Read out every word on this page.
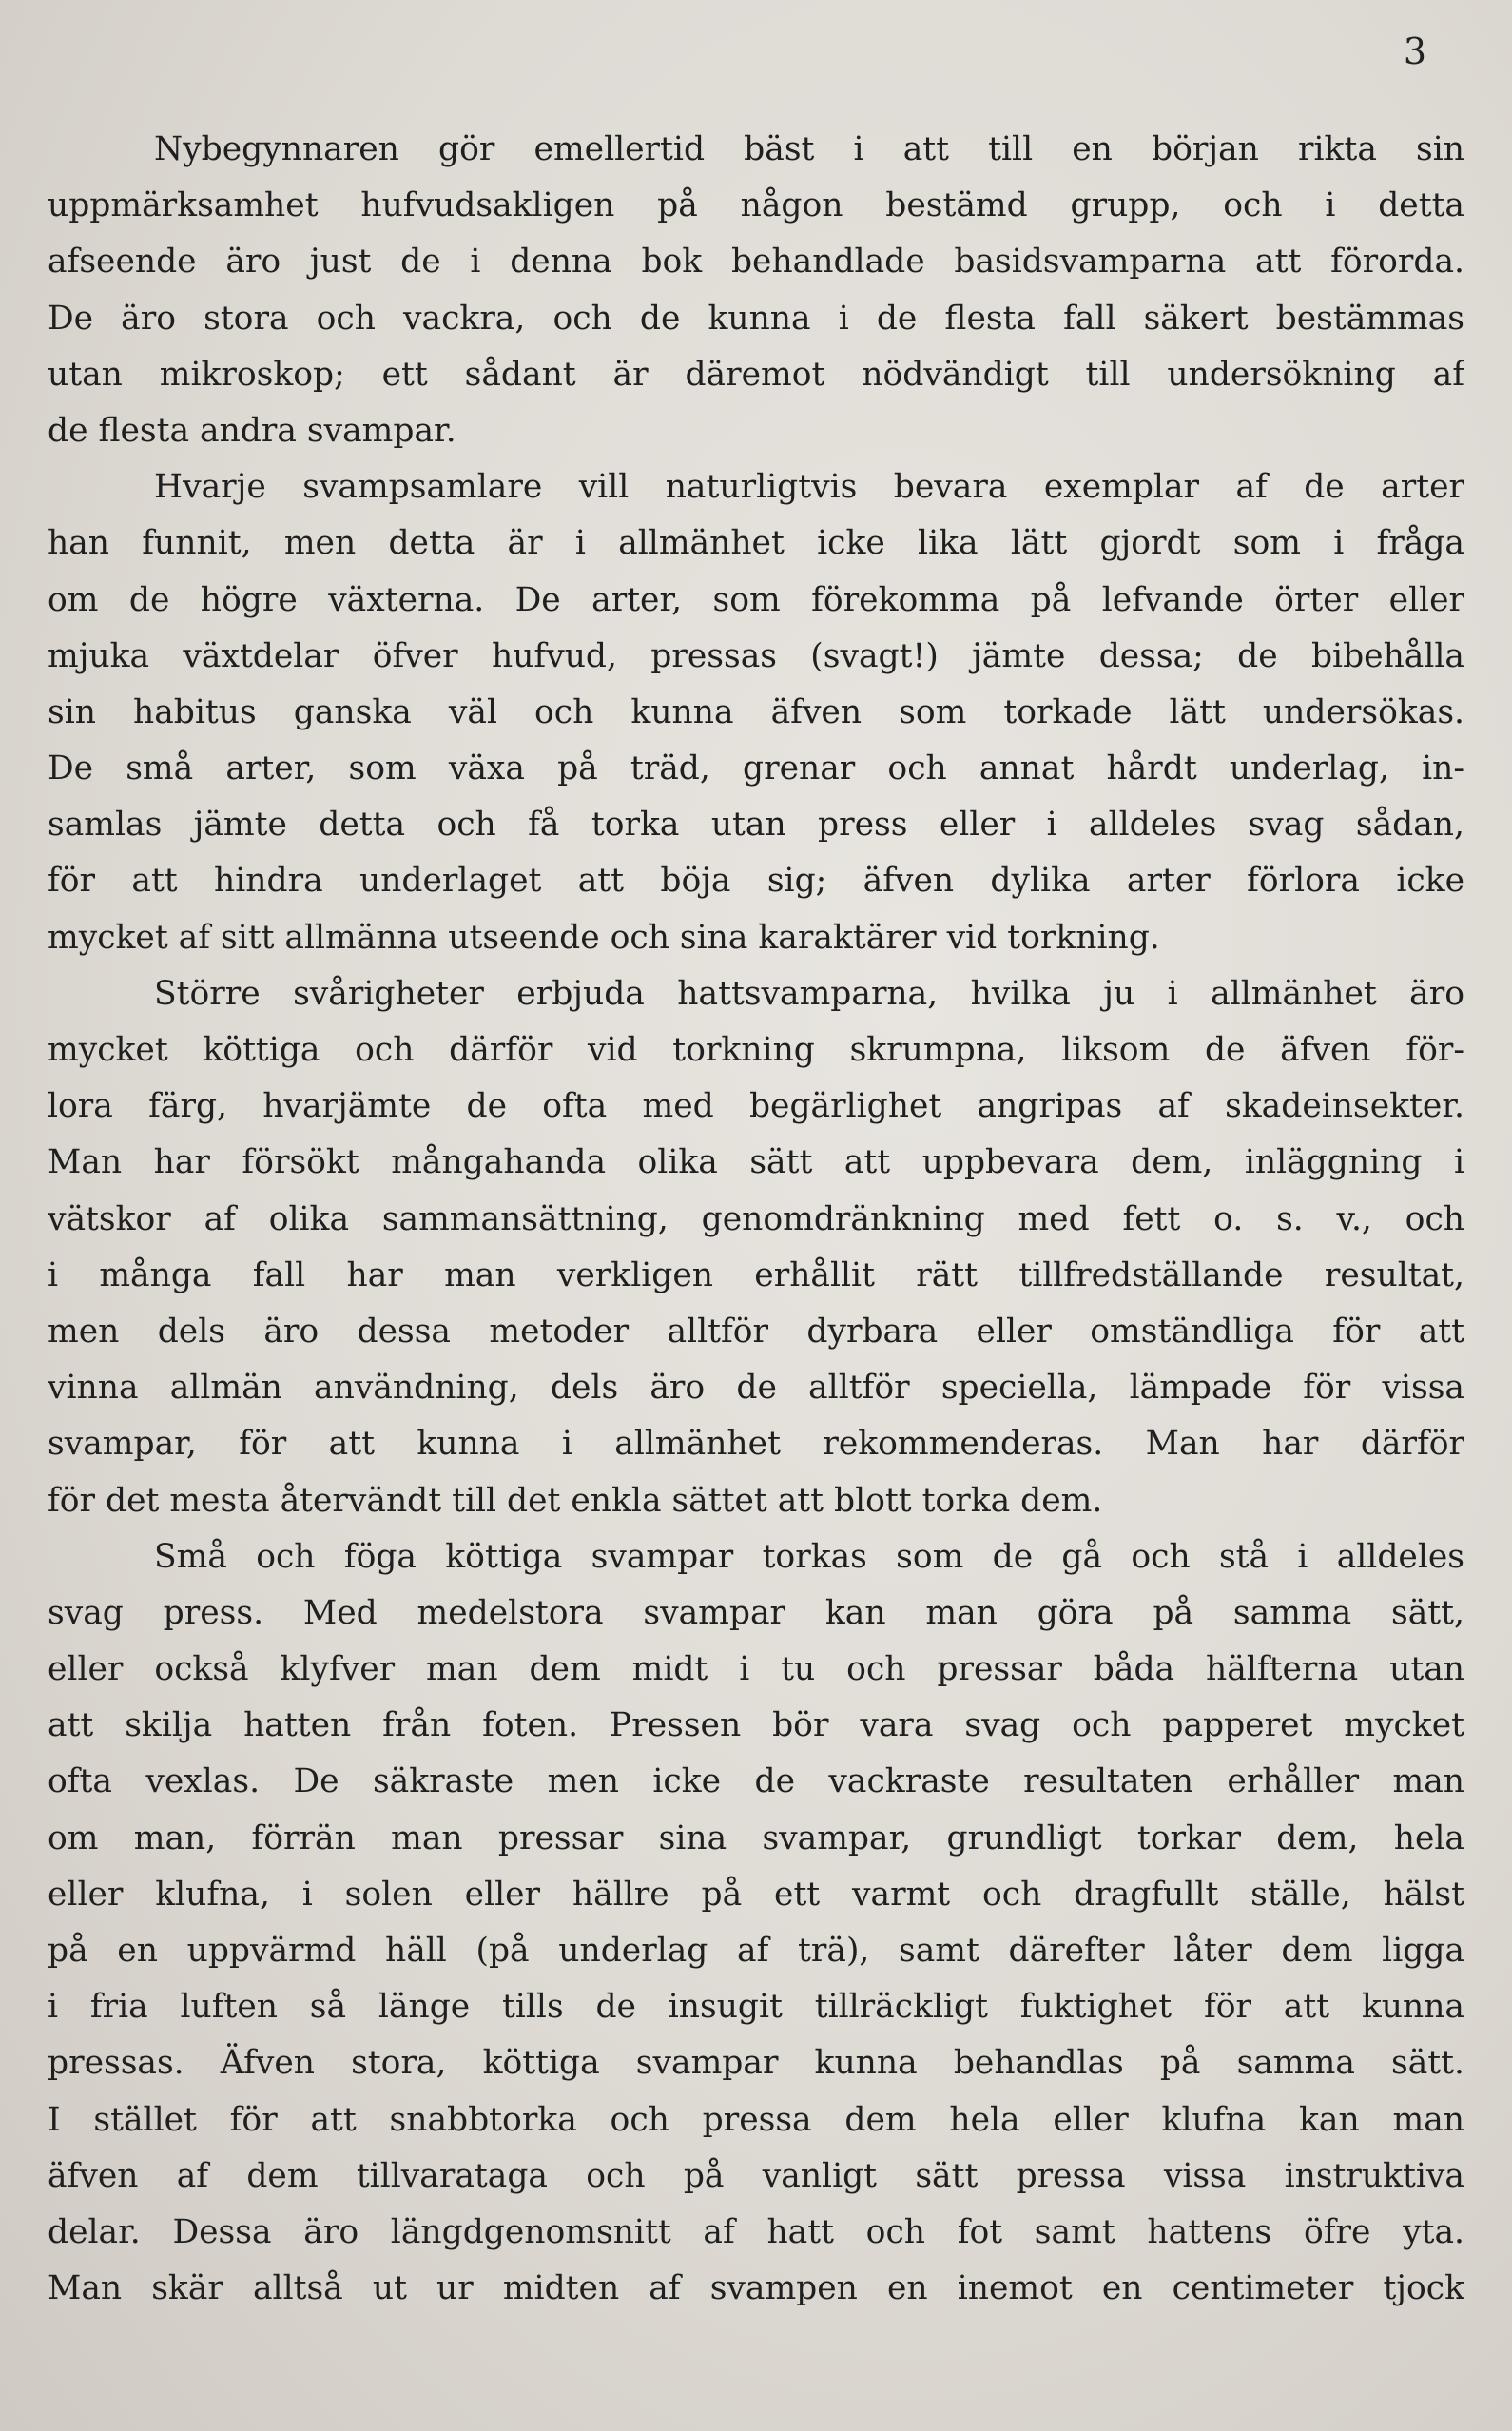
3
Nybegynnaren gör emellertid bäst i att till en början rikta sin
uppmärksamhet hufvudsakligen på någon bestämd grupp, och i detta
afseende äro just de i denna bok behandlade basidsvamparna att förorda.
De äro stora och vackra, och de kunna i de flesta fall säkert bestämmas
utan mikroskop; ett sådant är däremot nödvändigt till undersökning af
de flesta andra svampar.
Hvarje svampsamlare vill naturligtvis bevara exemplar af de arter
han funnit, men detta är i allmänhet icke lika lätt gjordt som i fråga
om de högre växterna. De arter, som förekomma på lefvande örter eller
mjuka växtdelar öfver hufvud, pressas (svagt!) jämte dessa; de bibehålla
sin habitus ganska väl och kunna äfven som torkade lätt undersökas.
De små arter, som växa på träd, grenar och annat hårdt underlag, in-
samlas jämte detta och få torka utan press eller i alldeles svag sådan,
för att hindra underlaget att böja sig; äfven dylika arter förlora icke
mycket af sitt allmänna utseende och sina karaktärer vid torkning.
Större svårigheter erbjuda hattsvamparna, hvilka ju i allmänhet äro
mycket köttiga och därför vid torkning skrumpna, liksom de äfven för-
lora färg, hvarjämte de ofta med begärlighet angripas af skadeinsekter.
Man har försökt mångahanda olika sätt att uppbevara dem, inläggning i
vätskor af olika sammansättning, genomdränkning med fett o. s. v., och
i många fall har man verkligen erhållit rätt tillfredställande resultat,
men dels äro dessa metoder alltför dyrbara eller omständliga för att
vinna allmän användning, dels äro de alltför speciella, lämpade för vissa
svampar, för att kunna i allmänhet rekommenderas. Man har därför
för det mesta återvändt till det enkla sättet att blott torka dem.
Små och föga köttiga svampar torkas som de gå och stå i alldeles
svag press. Med medelstora svampar kan man göra på samma sätt,
eller också klyfver man dem midt i tu och pressar båda hälfterna utan
att skilja hatten från foten. Pressen bör vara svag och papperet mycket
ofta vexlas. De säkraste men icke de vackraste resultaten erhåller man
om man, förrän man pressar sina svampar, grundligt torkar dem, hela
eller klufna, i solen eller hällre på ett varmt och dragfullt ställe, hälst
på en uppvärmd häll (på underlag af trä), samt därefter låter dem ligga
i fria luften så länge tills de insugit tillräckligt fuktighet för att kunna
pressas. Äfven stora, köttiga svampar kunna behandlas på samma sätt.
I stället för att snabbtorka och pressa dem hela eller klufna kan man
äfven af dem tillvaratagа och på vanligt sätt pressa vissa instruktiva
delar. Dessa äro längdgenomsnitt af hatt och fot samt hattens öfre yta.
Man skär alltså ut ur midten af svampen en inemot en centimeter tjock
